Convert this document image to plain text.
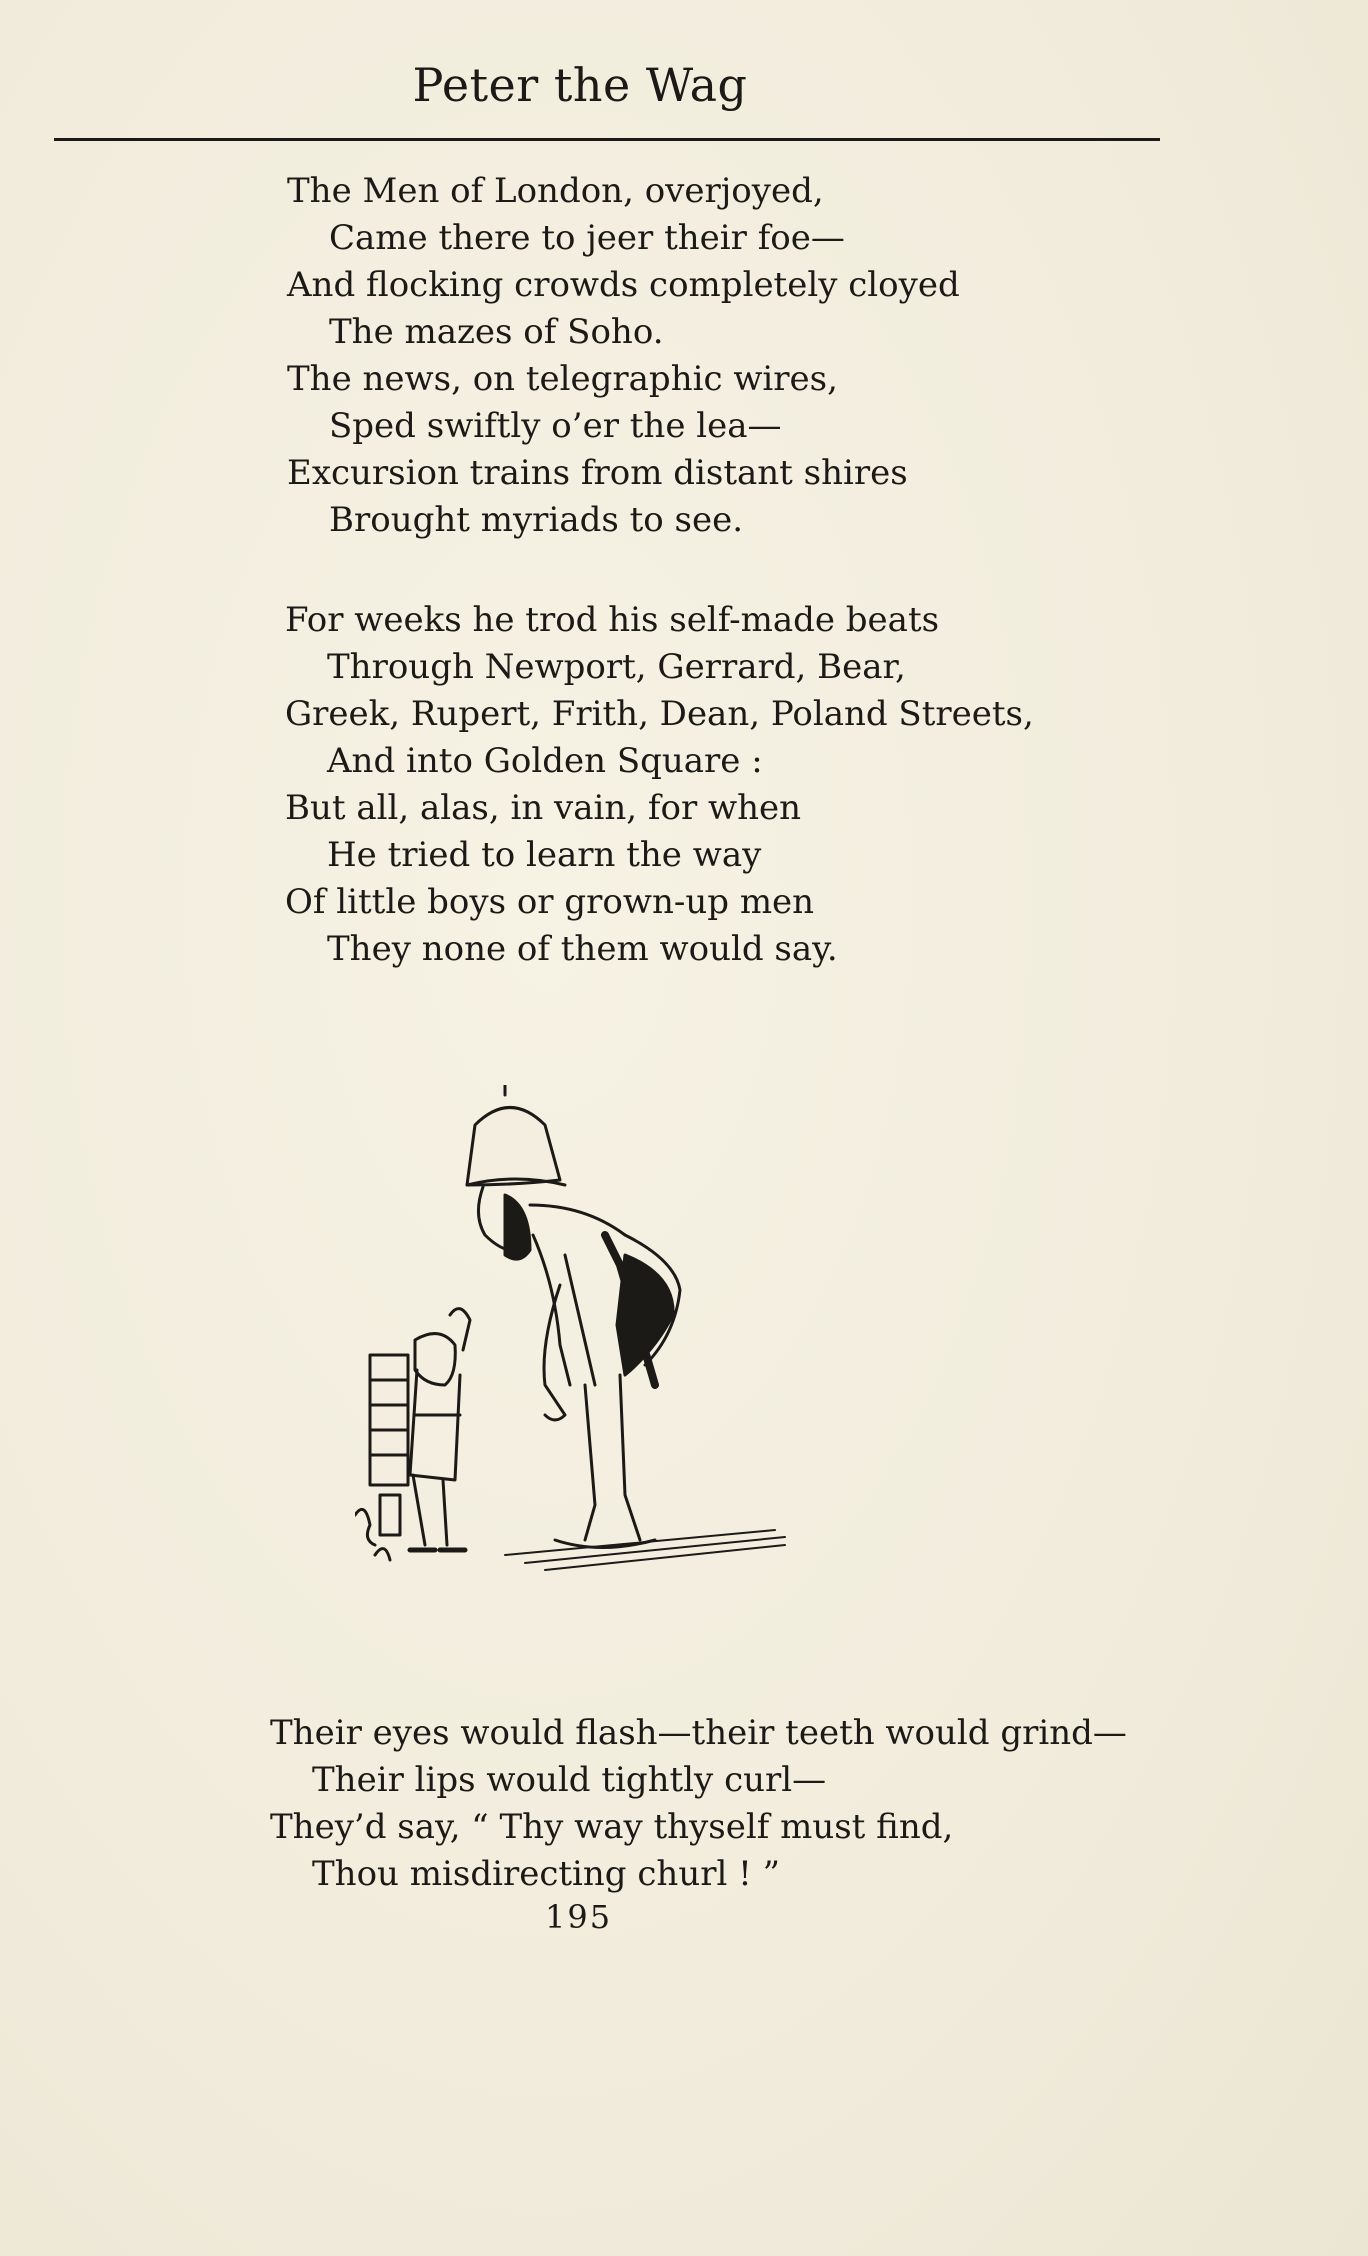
Peter the Wag
The Men of London, overjoyed,
Came there to jeer their foe—
And flocking crowds completely cloyed
The mazes of Soho.
The news, on telegraphic wires,
Sped swiftly o’er the lea—
Excursion trains from distant shires
Brought myriads to see.
For weeks he trod his self-made beats
Through Newport, Gerrard, Bear,
Greek, Rupert, Frith, Dean, Poland Streets,
And into Golden Square :
But all, alas, in vain, for when
He tried to learn the way
Of little boys or grown-up men
They none of them would say.
Their eyes would flash—their teeth would grind—
Their lips would tightly curl—
They’d say, “ Thy way thyself must find,
Thou misdirecting churl ! ”
195
